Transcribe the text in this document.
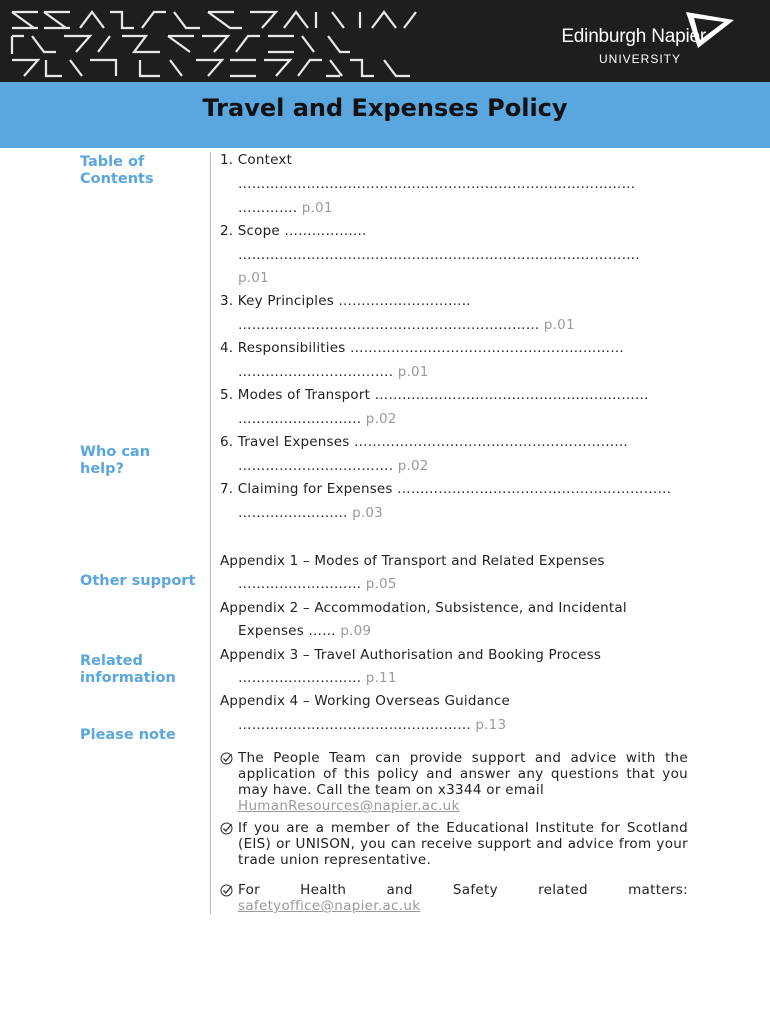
Edinburgh Napier
UNIVERSITY
Travel and Expenses Policy
Table of
Contents
Who can
help?
Other support
Related
information
Please note
1. Context
……………………………………………………………………………
…………. p.01
2. Scope ………………
…………………………………………………………………………….
p.01
3. Key Principles ………………………..
………………………………………………………… p.01
4. Responsibilities ……………………………………………………
……………………………. p.01
5. Modes of Transport ……………………………………………………
……………………… p.02
6. Travel Expenses ……………………………………………………
……………………………. p.02
7. Claiming for Expenses ……………………………………………………
…………………… p.03
Appendix 1 – Modes of Transport and Related Expenses
……………………… p.05
Appendix 2 – Accommodation, Subsistence, and Incidental
Expenses …… p.09
Appendix 3 – Travel Authorisation and Booking Process
……………………… p.11
Appendix 4 – Working Overseas Guidance
…………………………………………… p.13
The People Team can provide support and advice with the application of this policy and answer any questions that you may have. Call the team on x3344 or email
HumanResources@napier.ac.uk
If you are a member of the Educational Institute for Scotland (EIS) or UNISON, you can receive support and advice from your trade union representative.
For	Health	and	Safety	related	matters:
safetyoffice@napier.ac.uk
